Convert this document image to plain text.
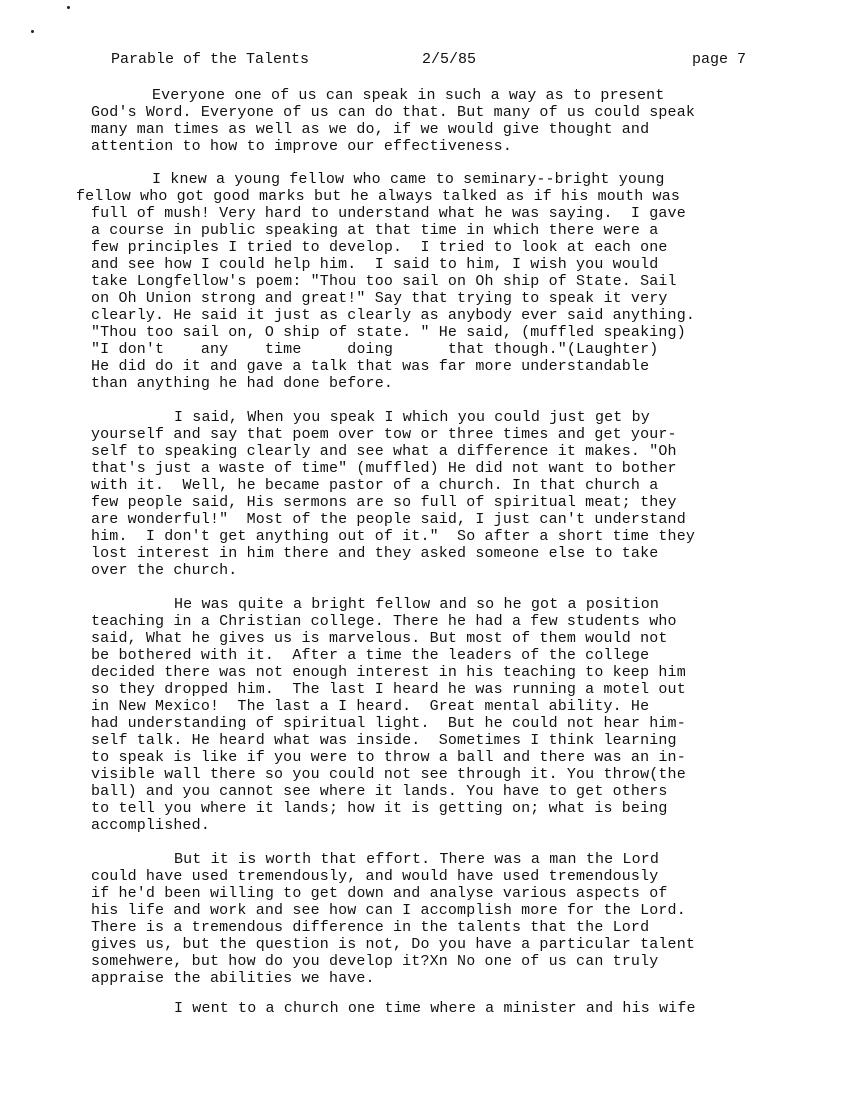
Parable of the Talents	2/5/85	page 7
Everyone one of us can speak in such a way as to present
God's Word. Everyone of us can do that. But many of us could speak
many man times as well as we do, if we would give thought and
attention to how to improve our effectiveness.
I knew a young fellow who came to seminary--bright young
fellow who got good marks but he always talked as if his mouth was
full of mush! Very hard to understand what he was saying.  I gave
a course in public speaking at that time in which there were a
few principles I tried to develop.  I tried to look at each one
and see how I could help him.  I said to him, I wish you would
take Longfellow's poem: "Thou too sail on Oh ship of State. Sail
on Oh Union strong and great!" Say that trying to speak it very
clearly. He said it just as clearly as anybody ever said anything.
"Thou too sail on, O ship of state. " He said, (muffled speaking)
"I don't    any    time     doing      that though."(Laughter)
He did do it and gave a talk that was far more understandable
than anything he had done before.
I said, When you speak I which you could just get by
yourself and say that poem over tow or three times and get your-
self to speaking clearly and see what a difference it makes. "Oh
that's just a waste of time" (muffled) He did not want to bother
with it.  Well, he became pastor of a church. In that church a
few people said, His sermons are so full of spiritual meat; they
are wonderful!"  Most of the people said, I just can't understand
him.  I don't get anything out of it."  So after a short time they
lost interest in him there and they asked someone else to take
over the church.
He was quite a bright fellow and so he got a position
teaching in a Christian college. There he had a few students who
said, What he gives us is marvelous. But most of them would not
be bothered with it.  After a time the leaders of the college
decided there was not enough interest in his teaching to keep him
so they dropped him.  The last I heard he was running a motel out
in New Mexico!  The last a I heard.  Great mental ability. He
had understanding of spiritual light.  But he could not hear him-
self talk. He heard what was inside.  Sometimes I think learning
to speak is like if you were to throw a ball and there was an in-
visible wall there so you could not see through it. You throw(the
ball) and you cannot see where it lands. You have to get others
to tell you where it lands; how it is getting on; what is being
accomplished.
But it is worth that effort. There was a man the Lord
could have used tremendously, and would have used tremendously
if he'd been willing to get down and analyse various aspects of
his life and work and see how can I accomplish more for the Lord.
There is a tremendous difference in the talents that the Lord
gives us, but the question is not, Do you have a particular talent
somehwere, but how do you develop it?Xn No one of us can truly
appraise the abilities we have.
I went to a church one time where a minister and his wife
